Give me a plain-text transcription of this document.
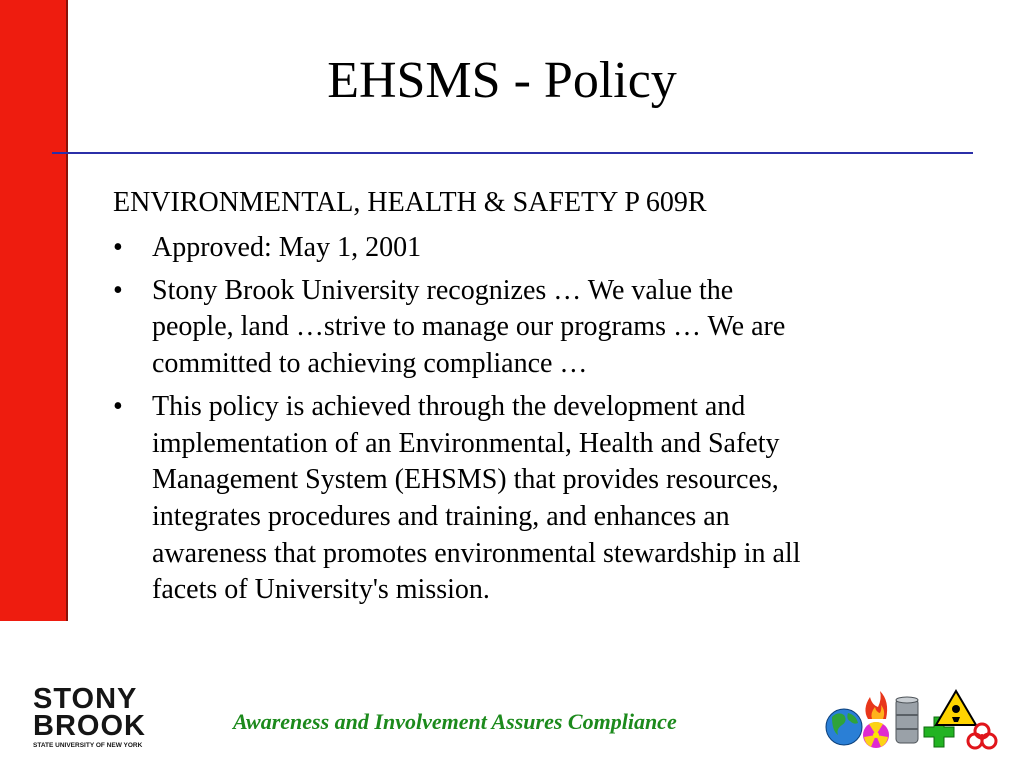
EHSMS - Policy
ENVIRONMENTAL, HEALTH & SAFETY P 609R
• Approved: May 1, 2001
• Stony Brook University recognizes … We value the
people, land …strive to manage our programs … We are
committed to achieving compliance …
• This policy is achieved through the development and
implementation of an Environmental, Health and Safety
Management System (EHSMS) that provides resources,
integrates procedures and training, and enhances an
awareness that promotes environmental stewardship in all
facets of University's mission.
STONY
BROOK
STATE UNIVERSITY OF NEW YORK
Awareness and Involvement Assures Compliance
